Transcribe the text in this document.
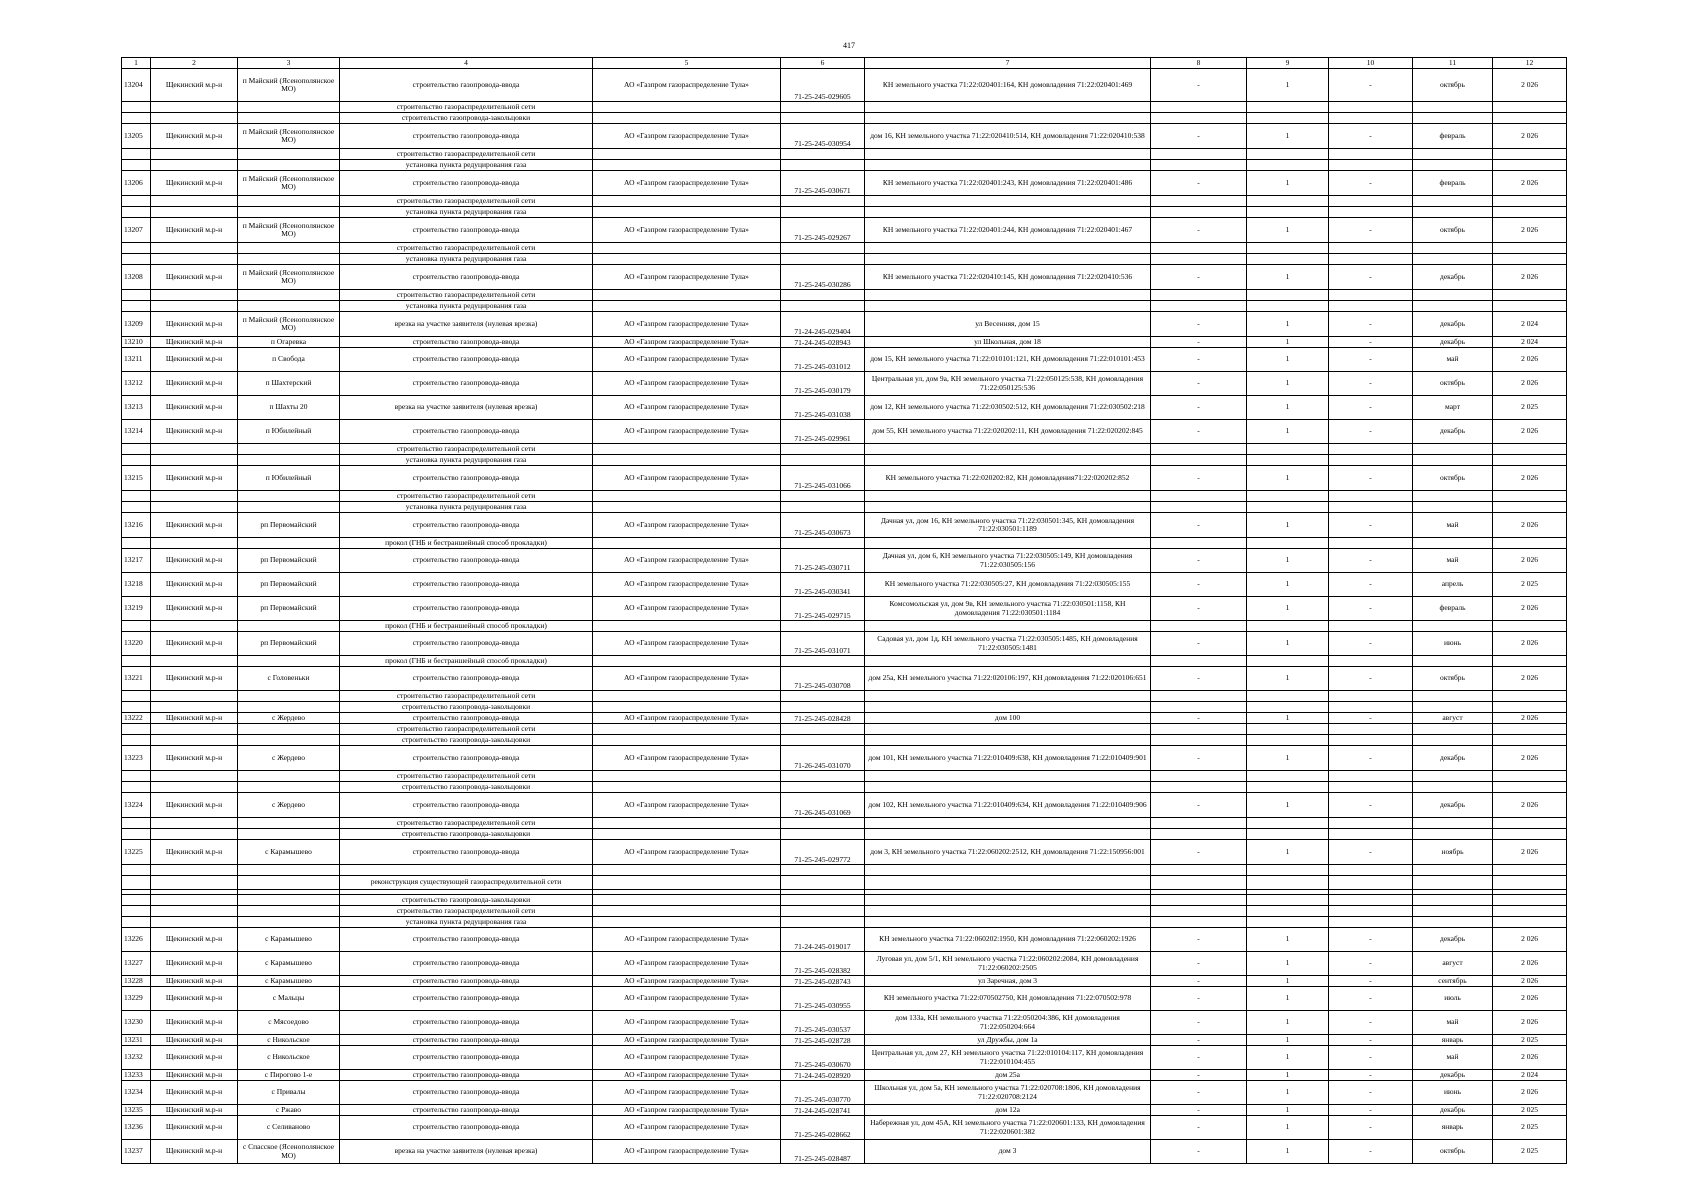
417
1	2	3	4	5	6	7	8	9	10	11	12
13204	Щекинский м.р-н	п Майский (Ясенополянское МО)	строительство газопровода-ввода	АО «Газпром газораспределение Тула»	71-25-245-029605	КН земельного участка 71:22:020401:164, КН домовладения 71:22:020401:469	-	1	-	октябрь	2 026
			строительство газораспределительной сети								
			строительство газопровода-закольцовки								
13205	Щекинский м.р-н	п Майский (Ясенополянское МО)	строительство газопровода-ввода	АО «Газпром газораспределение Тула»	71-25-245-030954	дом 16, КН земельного участка 71:22:020410:514, КН домовладения 71:22:020410:538	-	1	-	февраль	2 026
			строительство газораспределительной сети								
			установка пункта редуцирования газа								
13206	Щекинский м.р-н	п Майский (Ясенополянское МО)	строительство газопровода-ввода	АО «Газпром газораспределение Тула»	71-25-245-030671	КН земельного участка 71:22:020401:243, КН домовладения 71:22:020401:486	-	1	-	февраль	2 026
			строительство газораспределительной сети								
			установка пункта редуцирования газа								
13207	Щекинский м.р-н	п Майский (Ясенополянское МО)	строительство газопровода-ввода	АО «Газпром газораспределение Тула»	71-25-245-029267	КН земельного участка 71:22:020401:244, КН домовладения 71:22:020401:467	-	1	-	октябрь	2 026
			строительство газораспределительной сети								
			установка пункта редуцирования газа								
13208	Щекинский м.р-н	п Майский (Ясенополянское МО)	строительство газопровода-ввода	АО «Газпром газораспределение Тула»	71-25-245-030286	КН земельного участка 71:22:020410:145, КН домовладения 71:22:020410:536	-	1	-	декабрь	2 026
			строительство газораспределительной сети								
			установка пункта редуцирования газа								
13209	Щекинский м.р-н	п Майский (Ясенополянское МО)	врезка на участке заявителя (нулевая врезка)	АО «Газпром газораспределение Тула»	71-24-245-029404	ул Весенняя, дом 15	-	1	-	декабрь	2 024
13210	Щекинский м.р-н	п Огаревка	строительство газопровода-ввода	АО «Газпром газораспределение Тула»	71-24-245-028943	ул Школьная, дом 18	-	1	-	декабрь	2 024
13211	Щекинский м.р-н	п Свобода	строительство газопровода-ввода	АО «Газпром газораспределение Тула»	71-25-245-031012	дом 15, КН земельного участка 71:22:010101:121, КН домовладения 71:22:010101:453	-	1	-	май	2 026
13212	Щекинский м.р-н	п Шахтерский	строительство газопровода-ввода	АО «Газпром газораспределение Тула»	71-25-245-030179	Центральная ул, дом 9а, КН земельного участка 71:22:050125:538, КН домовладения 71:22:050125:536	-	1	-	октябрь	2 026
13213	Щекинский м.р-н	п Шахты 20	врезка на участке заявителя (нулевая врезка)	АО «Газпром газораспределение Тула»	71-25-245-031038	дом 12, КН земельного участка 71:22:030502:512, КН домовладения 71:22:030502:218	-	1	-	март	2 025
13214	Щекинский м.р-н	п Юбилейный	строительство газопровода-ввода	АО «Газпром газораспределение Тула»	71-25-245-029961	дом 55, КН земельного участка 71:22:020202:11, КН домовладения 71:22:020202:845	-	1	-	декабрь	2 026
			строительство газораспределительной сети								
			установка пункта редуцирования газа								
13215	Щекинский м.р-н	п Юбилейный	строительство газопровода-ввода	АО «Газпром газораспределение Тула»	71-25-245-031066	КН земельного участка 71:22:020202:82, КН домовладения71:22:020202:852	-	1	-	октябрь	2 026
			строительство газораспределительной сети								
			установка пункта редуцирования газа								
13216	Щекинский м.р-н	рп Первомайский	строительство газопровода-ввода	АО «Газпром газораспределение Тула»	71-25-245-030673	Дачная ул, дом 16, КН земельного участка 71:22:030501:345, КН домовладения 71:22:030501:1189	-	1	-	май	2 026
			прокол (ГНБ и бестраншейный способ прокладки)								
13217	Щекинский м.р-н	рп Первомайский	строительство газопровода-ввода	АО «Газпром газораспределение Тула»	71-25-245-030711	Дачная ул, дом 6, КН земельного участка 71:22:030505:149, КН домовладения 71:22:030505:156	-	1	-	май	2 026
13218	Щекинский м.р-н	рп Первомайский	строительство газопровода-ввода	АО «Газпром газораспределение Тула»	71-25-245-030341	КН земельного участка 71:22:030505:27, КН домовладения 71:22:030505:155	-	1	-	апрель	2 025
13219	Щекинский м.р-н	рп Первомайский	строительство газопровода-ввода	АО «Газпром газораспределение Тула»	71-25-245-029715	Комсомольская ул, дом 9в, КН земельного участка 71:22:030501:1158, КН домовладения 71:22:030501:1184	-	1	-	февраль	2 026
			прокол (ГНБ и бестраншейный способ прокладки)								
13220	Щекинский м.р-н	рп Первомайский	строительство газопровода-ввода	АО «Газпром газораспределение Тула»	71-25-245-031071	Садовая ул, дом 1д, КН земельного участка 71:22:030505:1485, КН домовладения 71:22:030505:1481	-	1	-	июнь	2 026
			прокол (ГНБ и бестраншейный способ прокладки)								
13221	Щекинский м.р-н	с Головеньки	строительство газопровода-ввода	АО «Газпром газораспределение Тула»	71-25-245-030708	дом 25а, КН земельного участка 71:22:020106:197, КН домовладения 71:22:020106:651	-	1	-	октябрь	2 026
			строительство газораспределительной сети								
			строительство газопровода-закольцовки								
13222	Щекинский м.р-н	с Жердево	строительство газопровода-ввода	АО «Газпром газораспределение Тула»	71-25-245-028428	дом 100	-	1	-	август	2 026
			строительство газораспределительной сети								
			строительство газопровода-закольцовки								
13223	Щекинский м.р-н	с Жердево	строительство газопровода-ввода	АО «Газпром газораспределение Тула»	71-26-245-031070	дом 101, КН земельного участка 71:22:010409:638, КН домовладения 71:22:010409:901	-	1	-	декабрь	2 026
			строительство газораспределительной сети								
			строительство газопровода-закольцовки								
13224	Щекинский м.р-н	с Жердево	строительство газопровода-ввода	АО «Газпром газораспределение Тула»	71-26-245-031069	дом 102, КН земельного участка 71:22:010409:634, КН домовладения 71:22:010409:906	-	1	-	декабрь	2 026
			строительство газораспределительной сети								
			строительство газопровода-закольцовки								
13225	Щекинский м.р-н	с Карамышево	строительство газопровода-ввода	АО «Газпром газораспределение Тула»	71-25-245-029772	дом 3, КН земельного участка 71:22:060202:2512, КН домовладения 71:22:150956:001	-	1	-	ноябрь	2 026

			реконструкция существующей газораспределительной сети								

			строительство газопровода-закольцовки								
			строительство газораспределительной сети								
			установка пункта редуцирования газа								
13226	Щекинский м.р-н	с Карамышево	строительство газопровода-ввода	АО «Газпром газораспределение Тула»	71-24-245-019017	КН земельного участка 71:22:060202:1950, КН домовладения 71:22:060202:1926	-	1	-	декабрь	2 026
13227	Щекинский м.р-н	с Карамышево	строительство газопровода-ввода	АО «Газпром газораспределение Тула»	71-25-245-028382	Луговая ул, дом 5/1, КН земельного участка 71:22:060202:2084, КН домовладения 71:22:060202:2505	-	1	-	август	2 026
13228	Щекинский м.р-н	с Карамышево	строительство газопровода-ввода	АО «Газпром газораспределение Тула»	71-25-245-028743	ул Заречная, дом 3	-	1	-	сентябрь	2 026
13229	Щекинский м.р-н	с Мальцы	строительство газопровода-ввода	АО «Газпром газораспределение Тула»	71-25-245-030955	КН земельного участка 71:22:070502750, КН домовладения 71:22:070502:978	-	1	-	июль	2 026
13230	Щекинский м.р-н	с Мясоедово	строительство газопровода-ввода	АО «Газпром газораспределение Тула»	71-25-245-030537	дом 133а, КН земельного участка 71:22:050204:386, КН домовладения 71:22:050204:664	-	1	-	май	2 026
13231	Щекинский м.р-н	с Никольское	строительство газопровода-ввода	АО «Газпром газораспределение Тула»	71-25-245-028728	ул Дружбы, дом 1а	-	1	-	январь	2 025
13232	Щекинский м.р-н	с Никольское	строительство газопровода-ввода	АО «Газпром газораспределение Тула»	71-25-245-030670	Центральная ул, дом 27, КН земельного участка 71:22:010104:117, КН домовладения 71:22:010104:455	-	1	-	май	2 026
13233	Щекинский м.р-н	с Пирогово 1-е	строительство газопровода-ввода	АО «Газпром газораспределение Тула»	71-24-245-028920	дом 25а	-	1	-	декабрь	2 024
13234	Щекинский м.р-н	с Привалы	строительство газопровода-ввода	АО «Газпром газораспределение Тула»	71-25-245-030770	Школьная ул, дом 5а, КН земельного участка 71:22:020708:1806, КН домовладения 71:22:020708:2124	-	1	-	июнь	2 026
13235	Щекинский м.р-н	с Ржаво	строительство газопровода-ввода	АО «Газпром газораспределение Тула»	71-24-245-028741	дом 12а	-	1	-	декабрь	2 025
13236	Щекинский м.р-н	с Селиваново	строительство газопровода-ввода	АО «Газпром газораспределение Тула»	71-25-245-028662	Набережная ул, дом 45А, КН земельного участка 71:22:020601:133, КН домовладения 71:22:020601:382	-	1	-	январь	2 025
13237	Щекинский м.р-н	с Спасское (Ясенополянское МО)	врезка на участке заявителя (нулевая врезка)	АО «Газпром газораспределение Тула»	71-25-245-028487	дом 3	-	1	-	октябрь	2 025
